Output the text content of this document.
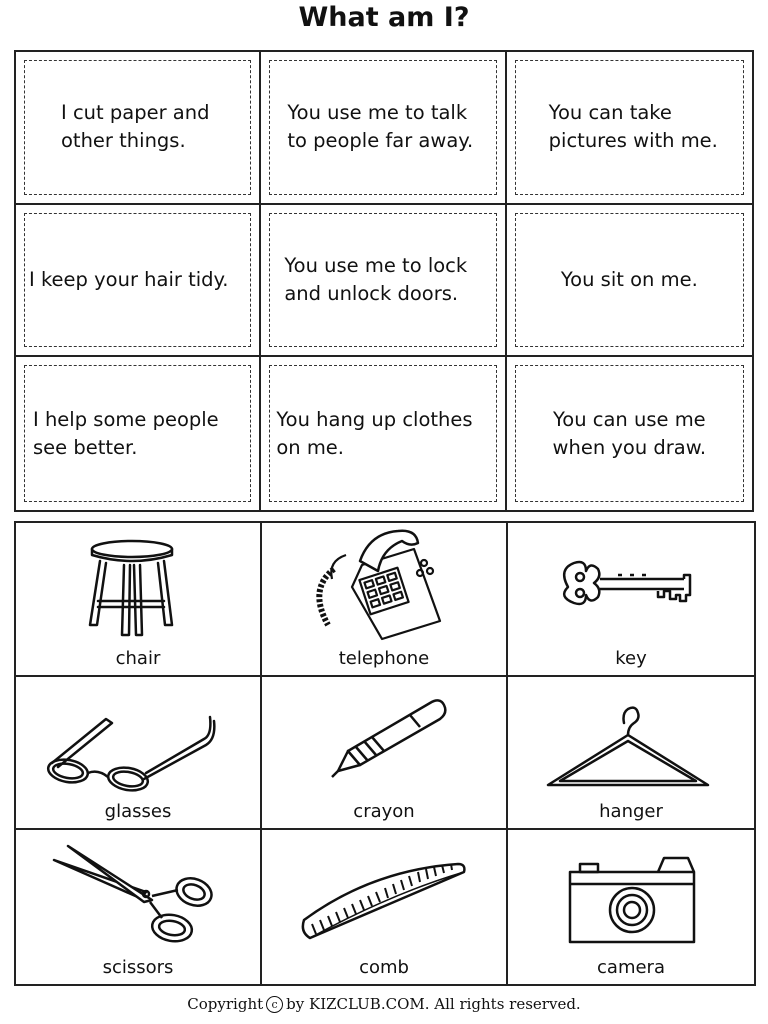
What am I?
I cut paper and other things.
You use me to talk to people far away.
You can take pictures with me.
I keep your hair tidy.
You use me to lock and unlock doors.
You sit on me.
I help some people see better.
You hang up clothes on me.
You can use me when you draw.
chair	telephone	key
glasses	crayon	hanger
scissors	comb	camera
Copyright c by KIZCLUB.COM. All rights reserved.
